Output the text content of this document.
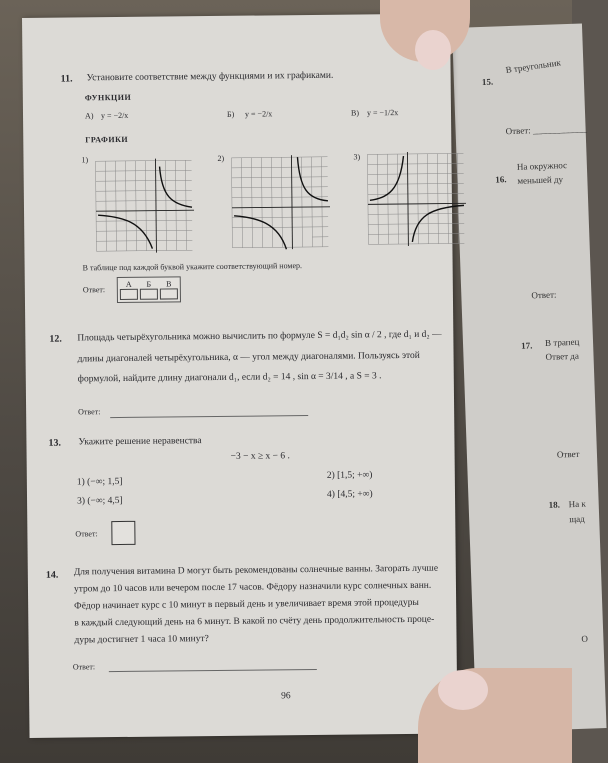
15.
В треугольник
Ответ: ____________
16.
На окружнос
меньшей ду
Ответ:
17. В трапец
Ответ да
Ответ
18. На к
щад
О
11. Установите соответствие между функциями и их графиками.
ФУНКЦИИ
А) y = −2/x	Б) y = −2/x	В) y = −1/2x
ГРАФИКИ
1)	2)	3)
В таблице под каждой буквой укажите соответствующий номер.
Ответ:
А Б В
12. Площадь четырёхугольника можно вычислить по формуле S = d₁d₂ sin α / 2 , где d₁ и d₂ —
длины диагоналей четырёхугольника, α — угол между диагоналями. Пользуясь этой
формулой, найдите длину диагонали d₁, если d₂ = 14 , sin α = 3/14 , а S = 3 .
Ответ:
13. Укажите решение неравенства
−3 − x ≥ x − 6 .
1) (−∞; 1,5]
2) [1,5; +∞)
3) (−∞; 4,5]
4) [4,5; +∞)
Ответ:
14. Для получения витамина D могут быть рекомендованы солнечные ванны. Загорать лучше
утром до 10 часов или вечером после 17 часов. Фёдору назначили курс солнечных ванн.
Фёдор начинает курс с 10 минут в первый день и увеличивает время этой процедуры
в каждый следующий день на 6 минут. В какой по счёту день продолжительность проце-
дуры достигнет 1 часа 10 минут?
Ответ:
96
